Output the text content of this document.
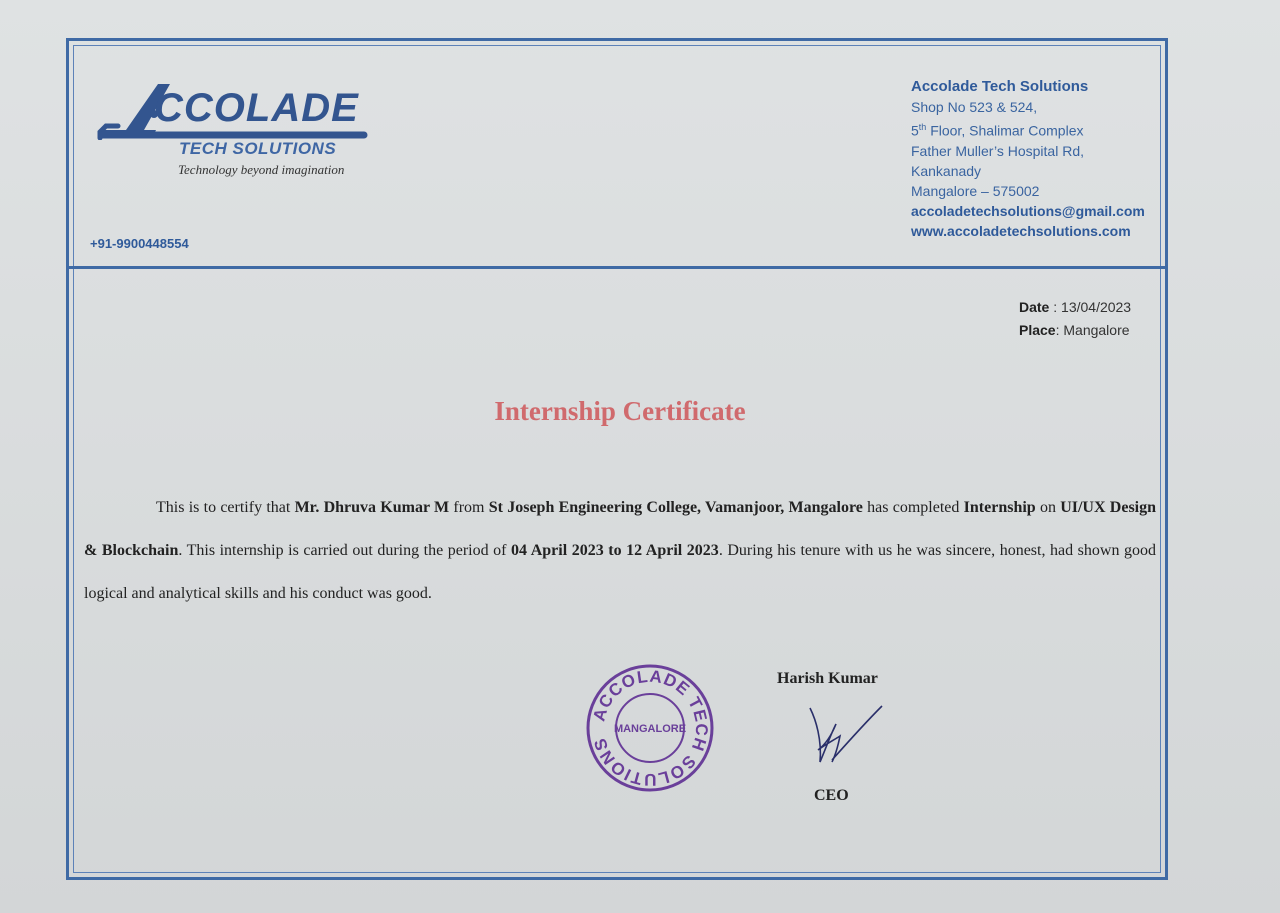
CCOLADE
TECH SOLUTIONS
Technology beyond imagination
+91-9900448554
Accolade Tech Solutions
Shop No 523 & 524,
5th Floor, Shalimar Complex
Father Muller’s Hospital Rd,
Kankanady
Mangalore – 575002
accoladetechsolutions@gmail.com
www.accoladetechsolutions.com
Date : 13/04/2023
Place: Mangalore
Internship Certificate
This is to certify that Mr. Dhruva Kumar M from St Joseph Engineering College, Vamanjoor, Mangalore has completed Internship on UI/UX Design & Blockchain. This internship is carried out during the period of 04 April 2023 to 12 April 2023. During his tenure with us he was sincere, honest, had shown good logical and analytical skills and his conduct was good.
ACCOLADE TECH SOLUTIONS
MANGALORE
Harish Kumar
CEO
